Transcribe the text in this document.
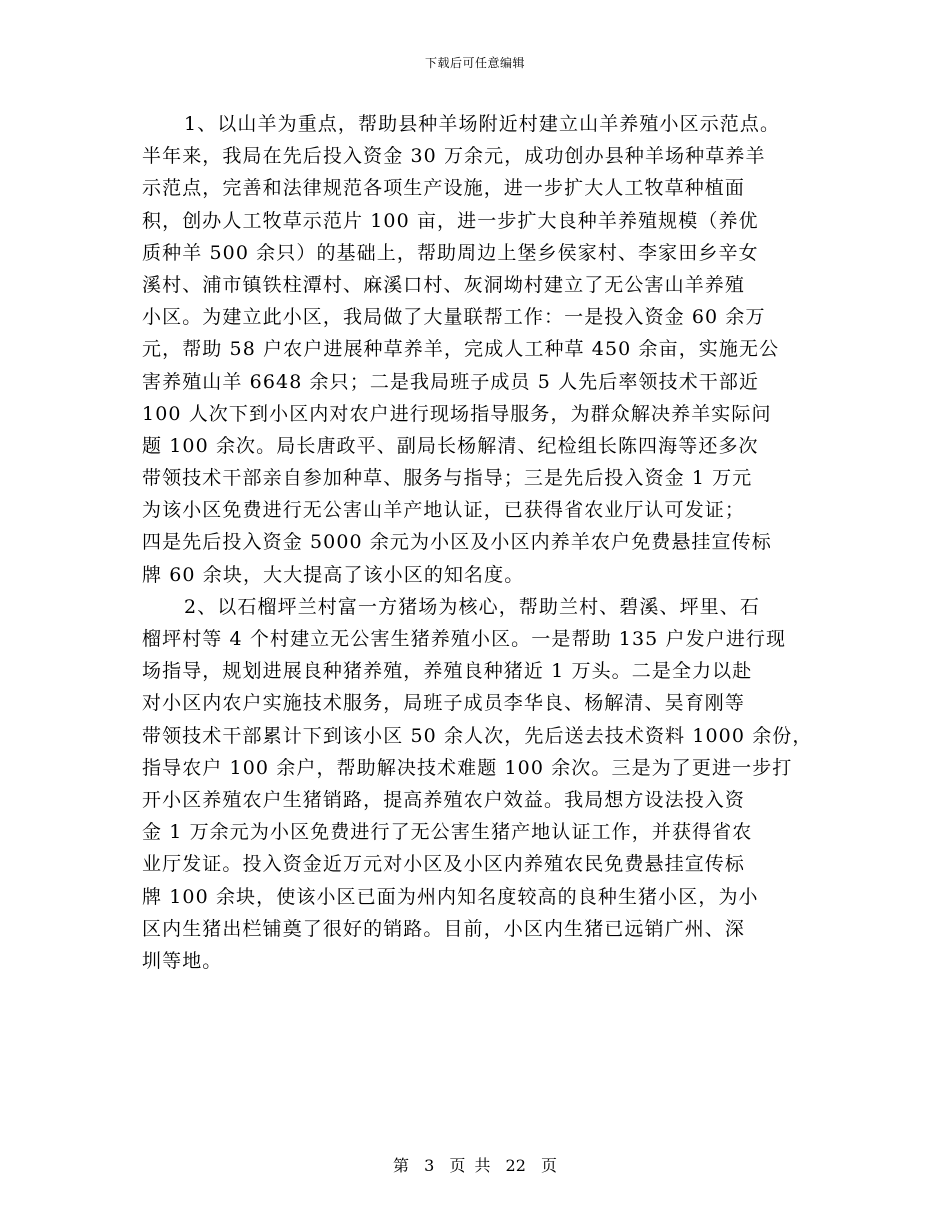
下载后可任意编辑
1、以山羊为重点，帮助县种羊场附近村建立山羊养殖小区示范点。
半年来，我局在先后投入资金 30 万余元，成功创办县种羊场种草养羊
示范点，完善和法律规范各项生产设施，进一步扩大人工牧草种植面
积，创办人工牧草示范片 100 亩，进一步扩大良种羊养殖规模（养优
质种羊 500 余只）的基础上，帮助周边上堡乡侯家村、李家田乡辛女
溪村、浦市镇铁柱潭村、麻溪口村、灰洞坳村建立了无公害山羊养殖
小区。为建立此小区，我局做了大量联帮工作：一是投入资金 60 余万
元，帮助 58 户农户进展种草养羊，完成人工种草 450 余亩，实施无公
害养殖山羊 6648 余只；二是我局班子成员 5 人先后率领技术干部近
100 人次下到小区内对农户进行现场指导服务，为群众解决养羊实际问
题 100 余次。局长唐政平、副局长杨解清、纪检组长陈四海等还多次
带领技术干部亲自参加种草、服务与指导；三是先后投入资金 1 万元
为该小区免费进行无公害山羊产地认证，已获得省农业厅认可发证；
四是先后投入资金 5000 余元为小区及小区内养羊农户免费悬挂宣传标
牌 60 余块，大大提高了该小区的知名度。
2、以石榴坪兰村富一方猪场为核心，帮助兰村、碧溪、坪里、石
榴坪村等 4 个村建立无公害生猪养殖小区。一是帮助 135 户发户进行现
场指导，规划进展良种猪养殖，养殖良种猪近 1 万头。二是全力以赴
对小区内农户实施技术服务，局班子成员李华良、杨解清、吴育刚等
带领技术干部累计下到该小区 50 余人次，先后送去技术资料 1000 余份，
指导农户 100 余户，帮助解决技术难题 100 余次。三是为了更进一步打
开小区养殖农户生猪销路，提高养殖农户效益。我局想方设法投入资
金 1 万余元为小区免费进行了无公害生猪产地认证工作，并获得省农
业厅发证。投入资金近万元对小区及小区内养殖农民免费悬挂宣传标
牌 100 余块，使该小区已面为州内知名度较高的良种生猪小区，为小
区内生猪出栏铺奠了很好的销路。目前，小区内生猪已远销广州、深
圳等地。
第 3 页 共 22 页
